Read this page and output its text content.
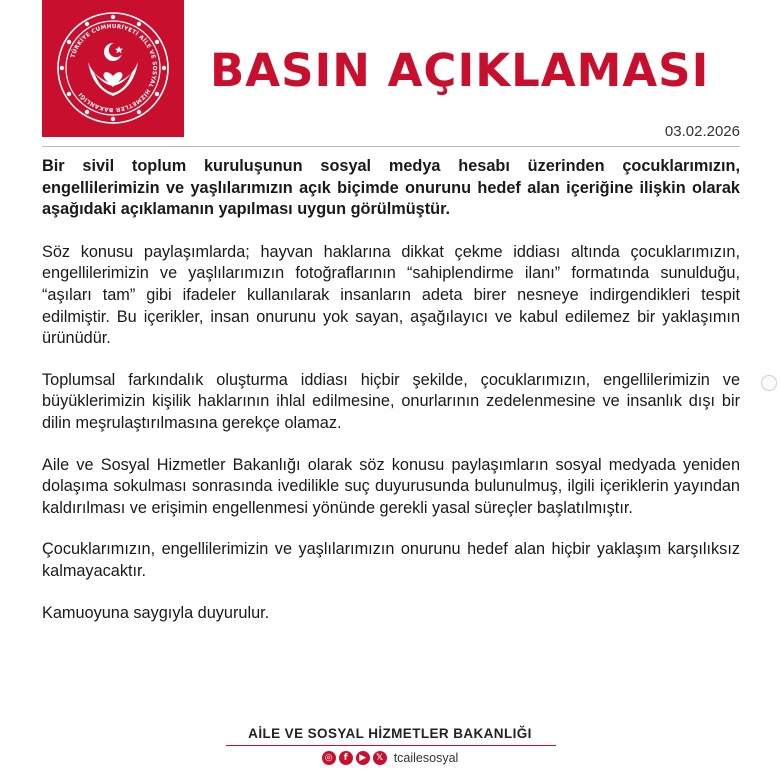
TÜRKİYE CUMHURİYETİ AİLE VE SOSYAL HİZMETLER BAKANLIĞI	BASIN AÇIKLAMASI
03.02.2026

Bir sivil toplum kuruluşunun sosyal medya hesabı üzerinden çocuklarımızın, engellilerimizin ve yaşlılarımızın açık biçimde onurunu hedef alan içeriğine ilişkin olarak aşağıdaki açıklamanın yapılması uygun görülmüştür.

Söz konusu paylaşımlarda; hayvan haklarına dikkat çekme iddiası altında çocuklarımızın, engellilerimizin ve yaşlılarımızın fotoğraflarının “sahiplendirme ilanı” formatında sunulduğu, “aşıları tam” gibi ifadeler kullanılarak insanların adeta birer nesneye indirgendikleri tespit edilmiştir. Bu içerikler, insan onurunu yok sayan, aşağılayıcı ve kabul edilemez bir yaklaşımın ürünüdür.

Toplumsal farkındalık oluşturma iddiası hiçbir şekilde, çocuklarımızın, engellilerimizin ve büyüklerimizin kişilik haklarının ihlal edilmesine, onurlarının zedelenmesine ve insanlık dışı bir dilin meşrulaştırılmasına gerekçe olamaz.

Aile ve Sosyal Hizmetler Bakanlığı olarak söz konusu paylaşımların sosyal medyada yeniden dolaşıma sokulması sonrasında ivedilikle suç duyurusunda bulunulmuş, ilgili içeriklerin yayından kaldırılması ve erişimin engellenmesi yönünde gerekli yasal süreçler başlatılmıştır.

Çocuklarımızın, engellilerimizin ve yaşlılarımızın onurunu hedef alan hiçbir yaklaşım karşılıksız kalmayacaktır.

Kamuoyuna saygıyla duyurulur.

AİLE VE SOSYAL HİZMETLER BAKANLIĞI
◎	f	▶	𝕏 tcailesosyal
